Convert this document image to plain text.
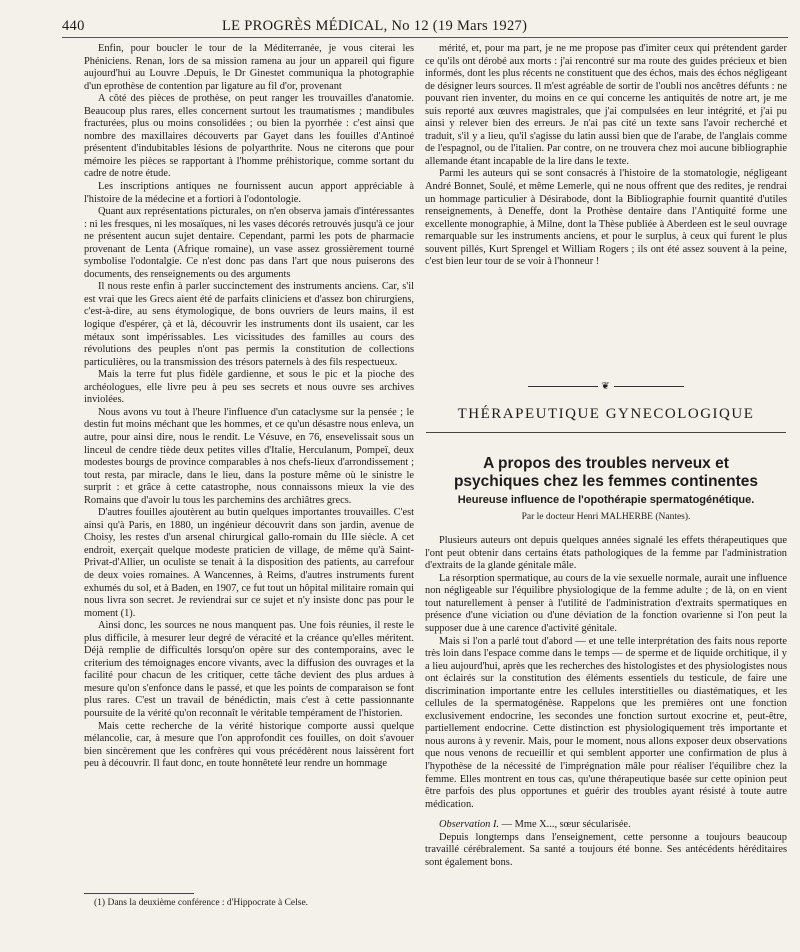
440	LE PROGRÈS MÉDICAL, No 12 (19 Mars 1927)

Enfin, pour boucler le tour de la Méditerranée, je vous citerai les Phéniciens. Renan, lors de sa mission ramena au jour un appareil qui figure aujourd'hui au Louvre .Depuis, le Dr Ginestet communiqua la photographie d'un eprothèse de contention par ligature au fil d'or, provenant

A côté des pièces de prothèse, on peut ranger les trouvailles d'anatomie. Beaucoup plus rares, elles concernent surtout les traumatismes ; mandibules fracturées, plus ou moins consolidées ; ou bien la pyorrhée : c'est ainsi que nombre des maxillaires découverts par Gayet dans les fouilles d'Antinoé présentent d'indubitables lésions de polyarthrite. Nous ne citerons que pour mémoire les pièces se rapportant à l'homme préhistorique, comme sortant du cadre de notre étude.

Les inscriptions antiques ne fournissent aucun apport appréciable à l'histoire de la médecine et a fortiori à l'odontologie.

Quant aux représentations picturales, on n'en observa jamais d'intéressantes : ni les fresques, ni les mosaïques, ni les vases décorés retrouvés jusqu'à ce jour ne présentent aucun sujet dentaire. Cependant, parmi les pots de pharmacie provenant de Lenta (Afrique romaine), un vase assez grossièrement tourné symbolise l'odontalgie. Ce n'est donc pas dans l'art que nous puiserons des documents, des renseignements ou des arguments

Il nous reste enfin à parler succinctement des instruments anciens. Car, s'il est vrai que les Grecs aient été de parfaits cliniciens et d'assez bon chirurgiens, c'est-à-dire, au sens étymologique, de bons ouvriers de leurs mains, il est logique d'espérer, çà et là, découvrir les instruments dont ils usaient, car les métaux sont impérissables. Les vicissitudes des familles au cours des révolutions des peuples n'ont pas permis la constitution de collections particulières, ou la transmission des trésors paternels à des fils respectueux.

Mais la terre fut plus fidèle gardienne, et sous le pic et la pioche des archéologues, elle livre peu à peu ses secrets et nous ouvre ses archives inviolées.

Nous avons vu tout à l'heure l'influence d'un cataclysme sur la pensée ; le destin fut moins méchant que les hommes, et ce qu'un désastre nous enleva, un autre, pour ainsi dire, nous le rendit. Le Vésuve, en 76, ensevelissait sous un linceul de cendre tiède deux petites villes d'Italie, Herculanum, Pompeï, deux modestes bourgs de province comparables à nos chefs-lieux d'arrondissement ; tout resta, par miracle, dans le lieu, dans la posture même où le sinistre le surprit : et grâce à cette catastrophe, nous connaissons mieux la vie des Romains que d'avoir lu tous les parchemins des archiâtres grecs.

D'autres fouilles ajoutèrent au butin quelques importantes trouvailles. C'est ainsi qu'à Paris, en 1880, un ingénieur découvrit dans son jardin, avenue de Choisy, les restes d'un arsenal chirurgical gallo-romain du IIIe siècle. A cet endroit, exerçait quelque modeste praticien de village, de même qu'à Saint-Privat-d'Allier, un oculiste se tenait à la disposition des patients, au carrefour de deux voies romaines. A Wancennes, à Reims, d'autres instruments furent exhumés du sol, et à Baden, en 1907, ce fut tout un hôpital militaire romain qui nous livra son secret. Je reviendrai sur ce sujet et n'y insiste donc pas pour le moment (1).

Ainsi donc, les sources ne nous manquent pas. Une fois réunies, il reste le plus difficile, à mesurer leur degré de véracité et la créance qu'elles méritent. Déjà remplie de difficultés lorsqu'on opère sur des contemporains, avec le criterium des témoignages encore vivants, avec la diffusion des ouvrages et la facilité pour chacun de les critiquer, cette tâche devient des plus ardues à mesure qu'on s'enfonce dans le passé, et que les points de comparaison se font plus rares. C'est un travail de bénédictin, mais c'est à cette passionnante poursuite de la vérité qu'on reconnaît le véritable tempérament de l'historien.

Mais cette recherche de la vérité historique comporte aussi quelque mélancolie, car, à mesure que l'on approfondit ces fouilles, on doit s'avouer bien sincèrement que les confrères qui vous précédèrent nous laissèrent fort peu à découvrir. Il faut donc, en toute honnêteté leur rendre un hommage

(1) Dans la deuxième conférence : d'Hippocrate à Celse.

mérité, et, pour ma part, je ne me propose pas d'imiter ceux qui prétendent garder ce qu'ils ont dérobé aux morts : j'ai rencontré sur ma route des guides précieux et bien informés, dont les plus récents ne constituent que des échos, mais des échos négligeant de désigner leurs sources. Il m'est agréable de sortir de l'oubli nos ancêtres défunts : ne pouvant rien inventer, du moins en ce qui concerne les antiquités de notre art, je me suis reporté aux œuvres magistrales, que j'ai compulsées en leur intégrité, et j'ai pu ainsi y relever bien des erreurs. Je n'ai pas cité un texte sans l'avoir recherché et traduit, s'il y a lieu, qu'il s'agisse du latin aussi bien que de l'arabe, de l'anglais comme de l'espagnol, ou de l'italien. Par contre, on ne trouvera chez moi aucune bibliographie allemande étant incapable de la lire dans le texte.

Parmi les auteurs qui se sont consacrés à l'histoire de la stomatologie, négligeant André Bonnet, Soulé, et même Lemerle, qui ne nous offrent que des redites, je rendrai un hommage particulier à Désirabode, dont la Bibliographie fournit quantité d'utiles renseignements, à Deneffe, dont la Prothèse dentaire dans l'Antiquité forme une excellente monographie, à Milne, dont la Thèse publiée à Aberdeen est le seul ouvrage remarquable sur les instruments anciens, et pour le surplus, à ceux qui furent le plus souvent pillés, Kurt Sprengel et William Rogers ; ils ont été assez souvent à la peine, c'est bien leur tour de se voir à l'honneur !

❦
THÉRAPEUTIQUE GYNECOLOGIQUE
A propos des troubles nerveux et
psychiques chez les femmes continentes
Heureuse influence de l'opothérapie spermatogénétique.
Par le docteur Henri MALHERBE (Nantes).

Plusieurs auteurs ont depuis quelques années signalé les effets thérapeutiques que l'ont peut obtenir dans certains états pathologiques de la femme par l'administration d'extraits de la glande génitale mâle.

La résorption spermatique, au cours de la vie sexuelle normale, aurait une influence non négligeable sur l'équilibre physiologique de la femme adulte ; de là, on en vient tout naturellement à penser à l'utilité de l'administration d'extraits spermatiques en présence d'une viciation ou d'une déviation de la fonction ovarienne si l'on peut la supposer due à une carence d'activité génitale.

Mais si l'on a parlé tout d'abord — et une telle interprétation des faits nous reporte très loin dans l'espace comme dans le temps — de sperme et de liquide orchitique, il y a lieu aujourd'hui, après que les recherches des histologistes et des physiologistes nous ont éclairés sur la constitution des éléments essentiels du testicule, de faire une discrimination importante entre les cellules interstitielles ou diastématiques, et les cellules de la spermatogénèse. Rappelons que les premières ont une fonction exclusivement endocrine, les secondes une fonction surtout exocrine et, peut-être, partiellement endocrine. Cette distinction est physiologiquement très importante et nous aurons à y revenir. Mais, pour le moment, nous allons exposer deux observations que nous venons de recueillir et qui semblent apporter une confirmation de plus à l'hypothèse de la nécessité de l'imprégnation mâle pour réaliser l'équilibre chez la femme. Elles montrent en tous cas, qu'une thérapeutique basée sur cette opinion peut être parfois des plus opportunes et guérir des troubles ayant résisté à toute autre médication.

Observation I. — Mme X..., sœur sécularisée.

Depuis longtemps dans l'enseignement, cette personne a toujours beaucoup travaillé cérébralement. Sa santé a toujours été bonne. Ses antécédents héréditaires sont également bons.
